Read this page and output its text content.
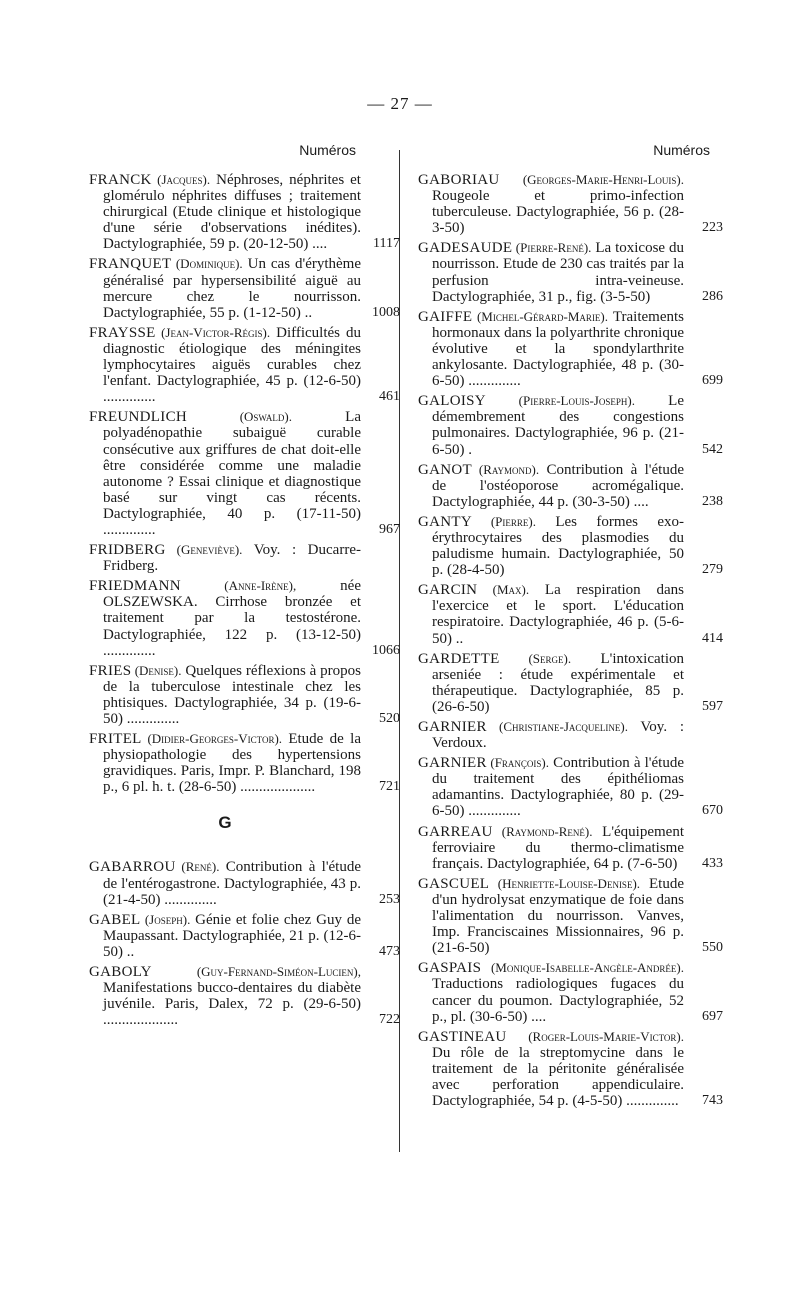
— 27 —
Numéros	Numéros
FRANCK (Jacques). Néphroses, néphrites et glomérulo néphrites diffuses ; traitement chirurgical (Etude clinique et histologique d'une série d'observations inédites). Dactylographiée, 59 p. (20-12-50) ....	1117
FRANQUET (Dominique). Un cas d'érythème généralisé par hypersensibilité aiguë au mercure chez le nourrisson. Dactylographiée, 55 p. (1-12-50) ..	1008
FRAYSSE (Jean-Victor-Régis). Difficultés du diagnostic étiologique des méningites lymphocytaires aiguës curables chez l'enfant. Dactylographiée, 45 p. (12-6-50) ..............	461
FREUNDLICH (Oswald). La polyadénopathie subaiguë curable consécutive aux griffures de chat doit-elle être considérée comme une maladie autonome ? Essai clinique et diagnostique basé sur vingt cas récents. Dactylographiée, 40 p. (17-11-50) ..............	967
FRIDBERG (Geneviève). Voy. : Ducarre-Fridberg.
FRIEDMANN (Anne-Irène), née OLSZEWSKA. Cirrhose bronzée et traitement par la testostérone. Dactylographiée, 122 p. (13-12-50) ..............	1066
FRIES (Denise). Quelques réflexions à propos de la tuberculose intestinale chez les phtisiques. Dactylographiée, 34 p. (19-6-50) ..............	520
FRITEL (Didier-Georges-Victor). Etude de la physiopathologie des hypertensions gravidiques. Paris, Impr. P. Blanchard, 198 p., 6 pl. h. t. (28-6-50) ....................	721
G
GABARROU (René). Contribution à l'étude de l'entérogastrone. Dactylographiée, 43 p. (21-4-50) ..............	253
GABEL (Joseph). Génie et folie chez Guy de Maupassant. Dactylographiée, 21 p. (12-6-50) ..	473
GABOLY (Guy-Fernand-Siméon-Lucien), Manifestations bucco-dentaires du diabète juvénile. Paris, Dalex, 72 p. (29-6-50) ....................	722
GABORIAU (Georges-Marie-Henri-Louis). Rougeole et primo-infection tuberculeuse. Dactylographiée, 56 p. (28-3-50)	223
GADESAUDE (Pierre-René). La toxicose du nourrisson. Etude de 230 cas traités par la perfusion intra-veineuse. Dactylographiée, 31 p., fig. (3-5-50)	286
GAIFFE (Michel-Gérard-Marie). Traitements hormonaux dans la polyarthrite chronique évolutive et la spondylarthrite ankylosante. Dactylographiée, 48 p. (30-6-50) ..............	699
GALOISY (Pierre-Louis-Joseph). Le démembrement des congestions pulmonaires. Dactylographiée, 96 p. (21-6-50) .	542
GANOT (Raymond). Contribution à l'étude de l'ostéoporose acromégalique. Dactylographiée, 44 p. (30-3-50) ....	238
GANTY (Pierre). Les formes exo-érythrocytaires des plasmodies du paludisme humain. Dactylographiée, 50 p. (28-4-50)	279
GARCIN (Max). La respiration dans l'exercice et le sport. L'éducation respiratoire. Dactylographiée, 46 p. (5-6-50) ..	414
GARDETTE (Serge). L'intoxication arseniée : étude expérimentale et thérapeutique. Dactylographiée, 85 p. (26-6-50)	597
GARNIER (Christiane-Jacqueline). Voy. : Verdoux.
GARNIER (François). Contribution à l'étude du traitement des épithéliomas adamantins. Dactylographiée, 80 p. (29-6-50) ..............	670
GARREAU (Raymond-René). L'équipement ferroviaire du thermo-climatisme français. Dactylographiée, 64 p. (7-6-50)	433
GASCUEL (Henriette-Louise-Denise). Etude d'un hydrolysat enzymatique de foie dans l'alimentation du nourrisson. Vanves, Imp. Franciscaines Missionnaires, 96 p. (21-6-50)	550
GASPAIS (Monique-Isabelle-Angèle-Andrée). Traductions radiologiques fugaces du cancer du poumon. Dactylographiée, 52 p., pl. (30-6-50) ....	697
GASTINEAU (Roger-Louis-Marie-Victor). Du rôle de la streptomycine dans le traitement de la péritonite généralisée avec perforation appendiculaire. Dactylographiée, 54 p. (4-5-50) ..............	743
